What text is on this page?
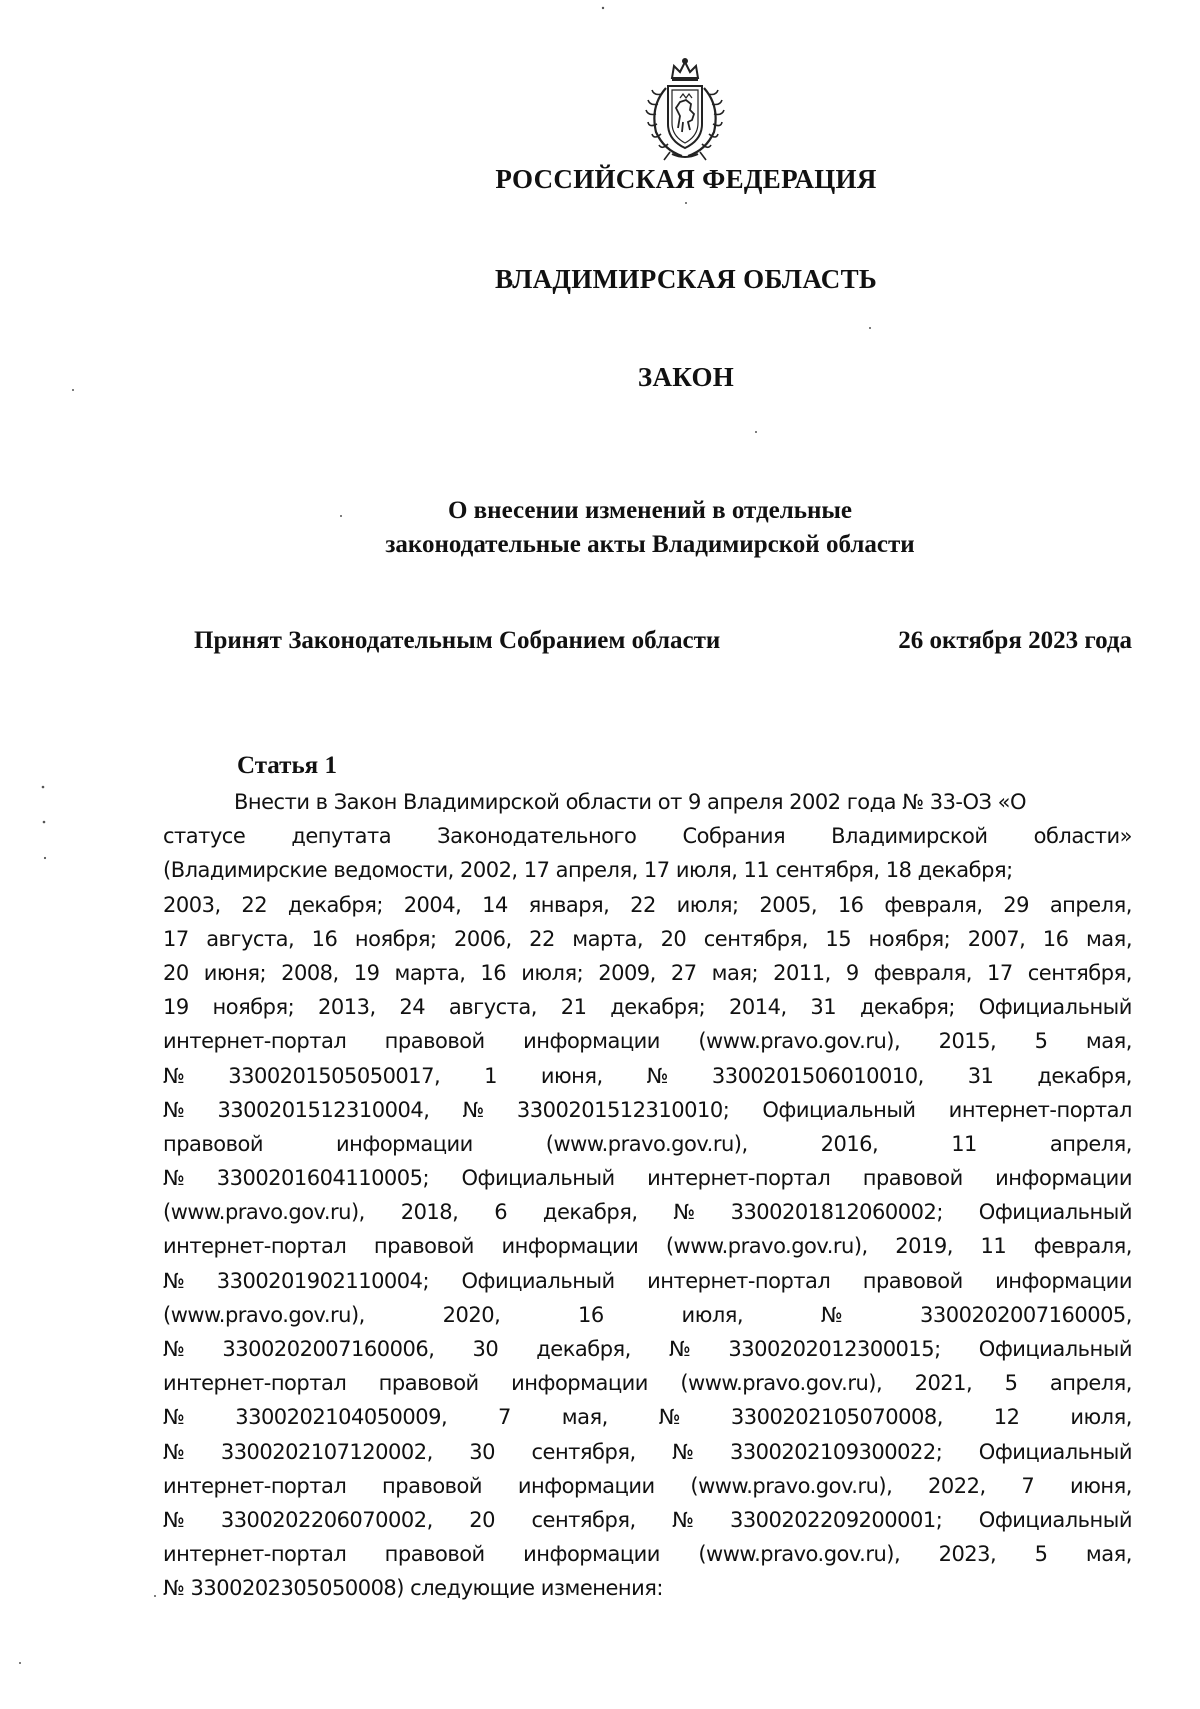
РОССИЙСКАЯ ФЕДЕРАЦИЯ
ВЛАДИМИРСКАЯ ОБЛАСТЬ
ЗАКОН
О внесении изменений в отдельные
законодательные акты Владимирской области
Принят Законодательным Собранием области	26 октября 2023 года
Статья 1
Внести в Закон Владимирской области от 9 апреля 2002 года № 33-ОЗ «О
статусе депутата Законодательного Собрания Владимирской области»
(Владимирские ведомости, 2002, 17 апреля, 17 июля, 11 сентября, 18 декабря;
2003, 22 декабря; 2004, 14 января, 22 июля; 2005, 16 февраля, 29 апреля,
17 августа, 16 ноября; 2006, 22 марта, 20 сентября, 15 ноября; 2007, 16 мая,
20 июня; 2008, 19 марта, 16 июля; 2009, 27 мая; 2011, 9 февраля, 17 сентября,
19 ноября; 2013, 24 августа, 21 декабря; 2014, 31 декабря; Официальный
интернет-портал правовой информации (www.pravo.gov.ru), 2015, 5 мая,
№ 3300201505050017, 1 июня, № 3300201506010010, 31 декабря,
№ 3300201512310004, № 3300201512310010; Официальный интернет-портал
правовой	информации	(www.pravo.gov.ru),	2016,	11	апреля,
№ 3300201604110005; Официальный интернет-портал правовой информации
(www.pravo.gov.ru), 2018, 6 декабря, № 3300201812060002; Официальный
интернет-портал правовой информации (www.pravo.gov.ru), 2019, 11 февраля,
№ 3300201902110004; Официальный интернет-портал правовой информации
(www.pravo.gov.ru),	2020,	16	июля,	№	3300202007160005,
№ 3300202007160006, 30 декабря, № 3300202012300015; Официальный
интернет-портал правовой информации (www.pravo.gov.ru), 2021, 5 апреля,
№ 3300202104050009, 7 мая, № 3300202105070008, 12 июля,
№ 3300202107120002, 30 сентября, № 3300202109300022; Официальный
интернет-портал правовой информации (www.pravo.gov.ru), 2022, 7 июня,
№ 3300202206070002, 20 сентября, № 3300202209200001; Официальный
интернет-портал правовой информации (www.pravo.gov.ru), 2023, 5 мая,
№ 3300202305050008) следующие изменения:
